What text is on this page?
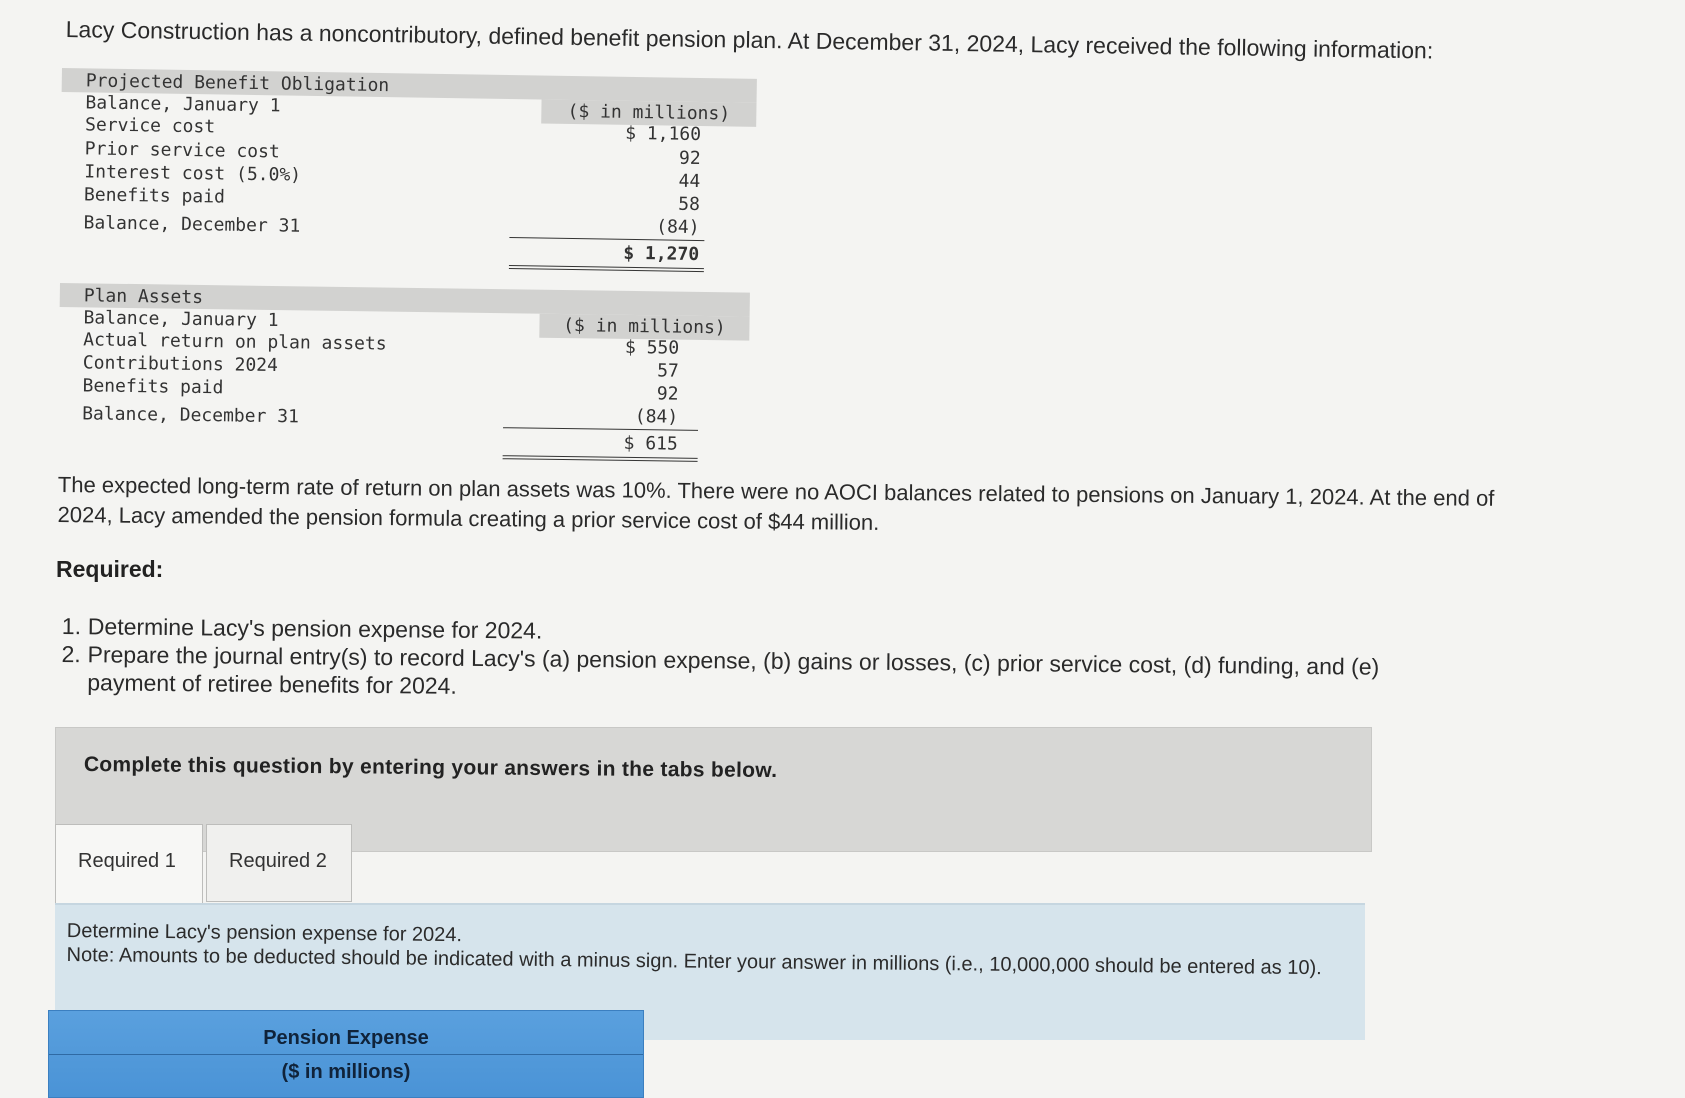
Lacy Construction has a noncontributory, defined benefit pension plan. At December 31, 2024, Lacy received the following information:
Projected Benefit Obligation
($ in millions)
Balance, January 1
$ 1,160
Service cost
92
Prior service cost
44
Interest cost (5.0%)
58
Benefits paid
(84)
Balance, December 31
$ 1,270
Plan Assets
($ in millions)
Balance, January 1
$ 550
Actual return on plan assets
57
Contributions 2024
92
Benefits paid
(84)
Balance, December 31
$ 615
The expected long-term rate of return on plan assets was 10%. There were no AOCI balances related to pensions on January 1, 2024. At the end of 2024, Lacy amended the pension formula creating a prior service cost of $44 million.
Required:
1. Determine Lacy's pension expense for 2024.
2. Prepare the journal entry(s) to record Lacy's (a) pension expense, (b) gains or losses, (c) prior service cost, (d) funding, and (e) payment of retiree benefits for 2024.
Complete this question by entering your answers in the tabs below.
Required 1	Required 2
Determine Lacy's pension expense for 2024.
Note: Amounts to be deducted should be indicated with a minus sign. Enter your answer in millions (i.e., 10,000,000 should be entered as 10).
Pension Expense
($ in millions)
